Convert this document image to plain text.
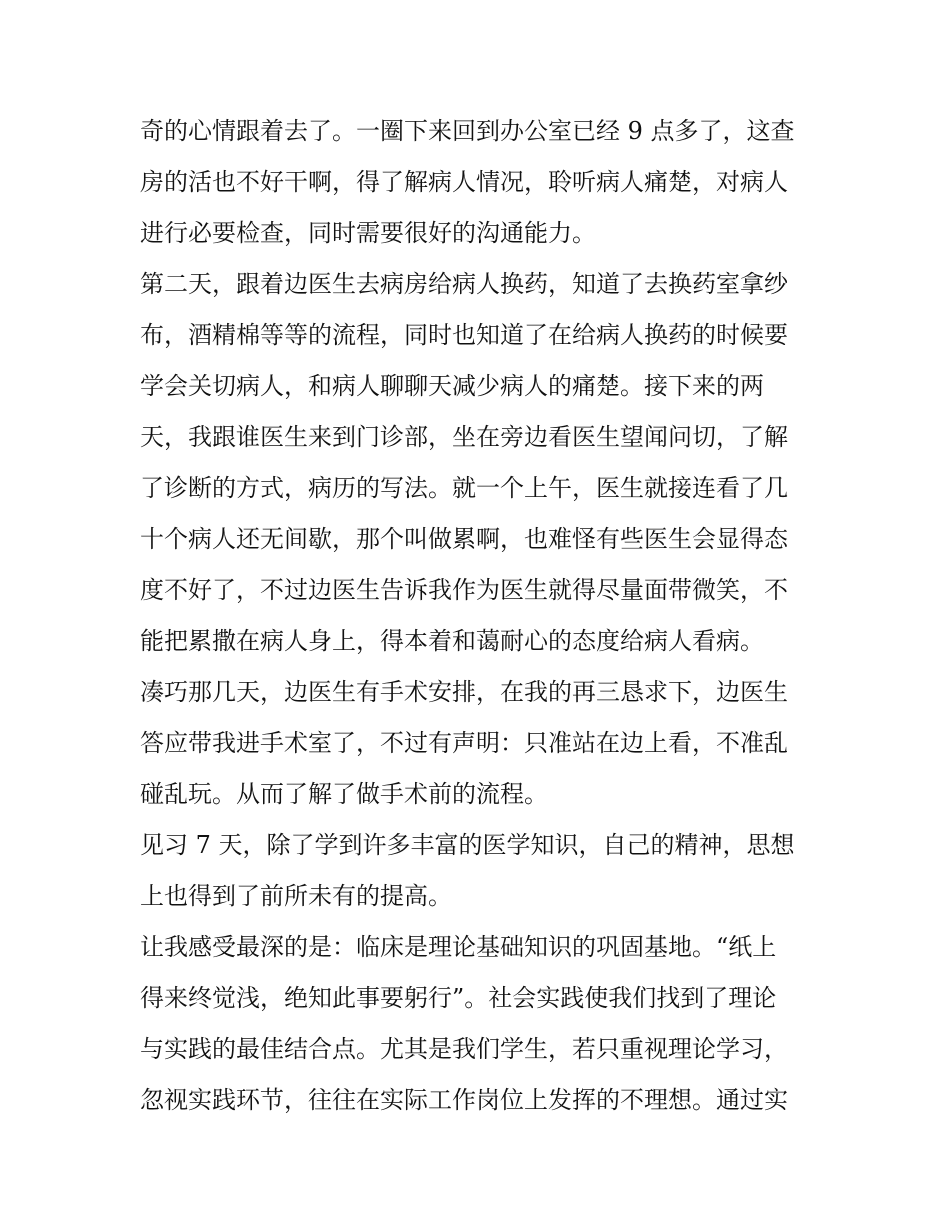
奇的心情跟着去了。一圈下来回到办公室已经 9 点多了，这查
房的活也不好干啊，得了解病人情况，聆听病人痛楚，对病人
进行必要检查，同时需要很好的沟通能力。
第二天，跟着边医生去病房给病人换药，知道了去换药室拿纱
布，酒精棉等等的流程，同时也知道了在给病人换药的时候要
学会关切病人，和病人聊聊天减少病人的痛楚。接下来的两
天，我跟谁医生来到门诊部，坐在旁边看医生望闻问切，了解
了诊断的方式，病历的写法。就一个上午，医生就接连看了几
十个病人还无间歇，那个叫做累啊，也难怪有些医生会显得态
度不好了，不过边医生告诉我作为医生就得尽量面带微笑，不
能把累撒在病人身上，得本着和蔼耐心的态度给病人看病。
凑巧那几天，边医生有手术安排，在我的再三恳求下，边医生
答应带我进手术室了，不过有声明：只准站在边上看，不准乱
碰乱玩。从而了解了做手术前的流程。
见习 7 天，除了学到许多丰富的医学知识，自己的精神，思想
上也得到了前所未有的提高。
让我感受最深的是：临床是理论基础知识的巩固基地。“纸上
得来终觉浅，绝知此事要躬行”。社会实践使我们找到了理论
与实践的最佳结合点。尤其是我们学生，若只重视理论学习，
忽视实践环节，往往在实际工作岗位上发挥的不理想。通过实
